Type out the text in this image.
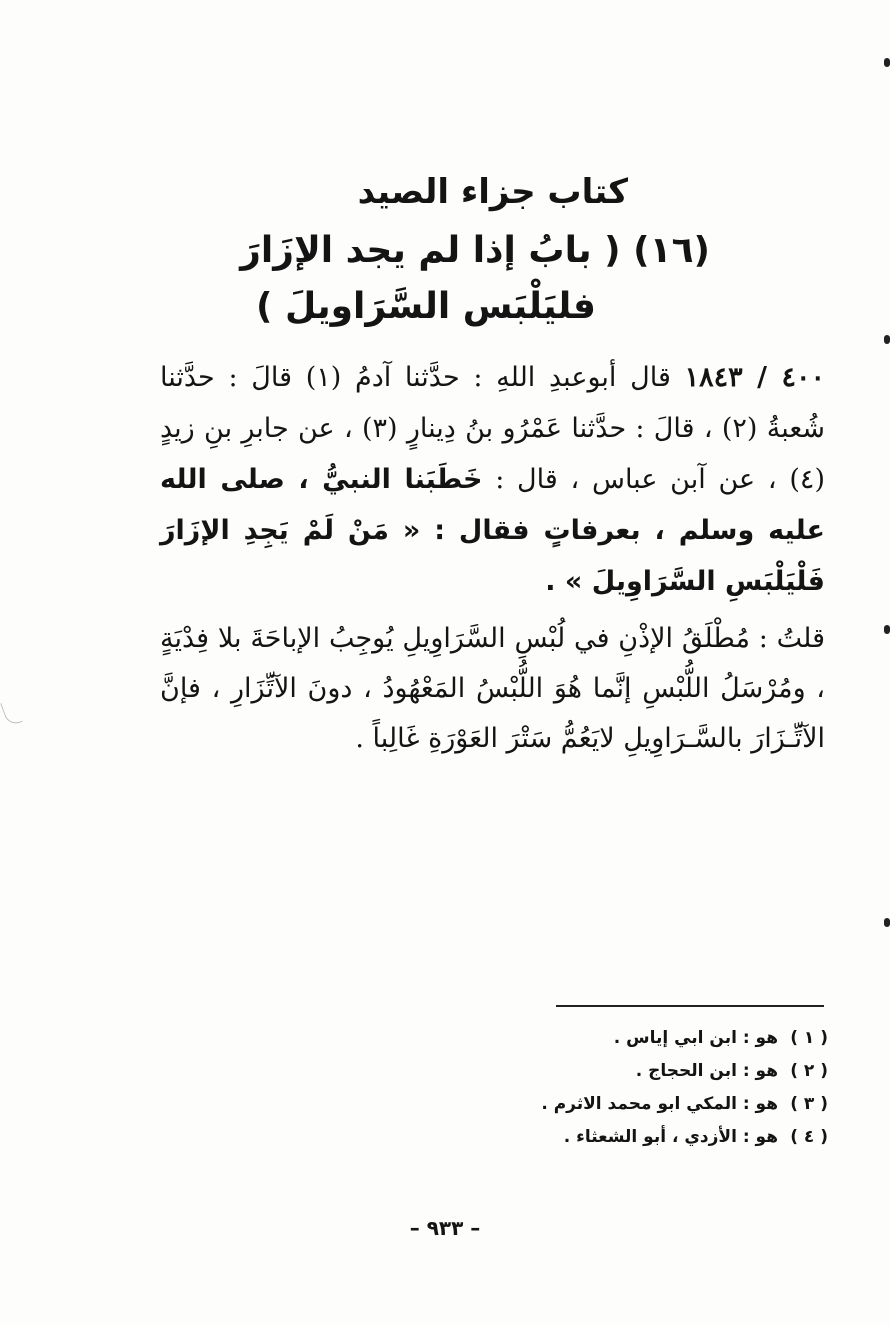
كتاب جزاء الصيد
(١٦) ( بابُ إذا لم يجد الإزَارَ
فليَلْبَس السَّرَاويلَ )
٤٠٠ / ١٨٤٣ قال أبوعبدِ اللهِ : حدَّثنا آدمُ (١) قالَ : حدَّثنا شُعبةُ (٢) ، قالَ : حدَّثنا عَمْرُو بنُ دِينارٍ (٣) ، عن جابرِ بنِ زيدٍ (٤) ، عن آبن عباس ، قال : خَطَبَنا النبيُّ ، صلى الله عليه وسلم ، بعرفاتٍ فقال : « مَنْ لَمْ يَجِدِ الإزَارَ فَلْيَلْبَسِ السَّرَاوِيلَ » .
قلتُ : مُطْلَقُ الإذْنِ في لُبْسِ السَّرَاوِيلِ يُوجِبُ الإباحَةَ بلا فِدْيَةٍ ، ومُرْسَلُ اللُّبْسِ إنَّما هُوَ اللُّبْسُ المَعْهُودُ ، دونَ الآتِّزَارِ ، فإنَّ الآتِّـزَارَ بالسَّـرَاوِيلِ لايَعُمُّ سَتْرَ العَوْرَةِ غَالِباً .
( ١ )هو : ابن ابي إياس .
( ٢ )هو : ابن الحجاج .
( ٣ )هو : المكي ابو محمد الاثرم .
( ٤ )هو : الأزدي ، أبو الشعثاء .
– ٩٣٣ –
